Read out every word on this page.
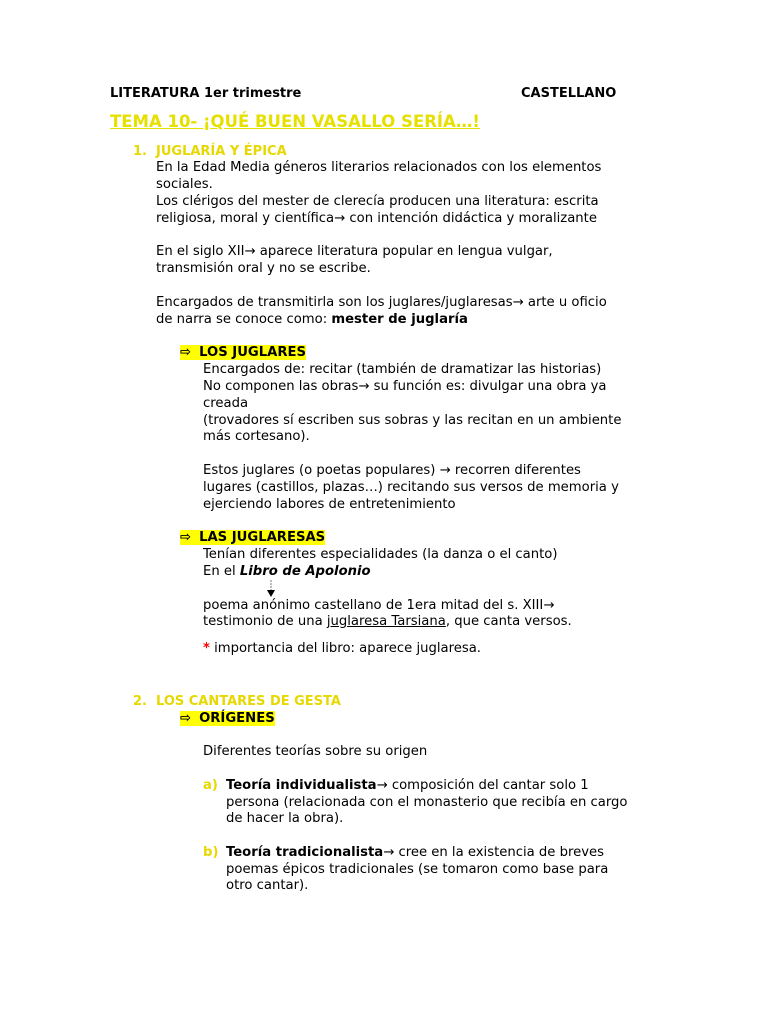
LITERATURA 1er trimestre	CASTELLANO
TEMA 10- ¡QUÉ BUEN VASALLO SERÍA…!
1. JUGLARÍA Y ÉPICA
En la Edad Media géneros literarios relacionados con los elementos
sociales.
Los clérigos del mester de clerecía producen una literatura: escrita
religiosa, moral y científica→ con intención didáctica y moralizante
En el siglo XII→ aparece literatura popular en lengua vulgar,
transmisión oral y no se escribe.
Encargados de transmitirla son los juglares/juglaresas→ arte u oficio
de narra se conoce como: mester de juglaría
⇨ LOS JUGLARES
Encargados de: recitar (también de dramatizar las historias)
No componen las obras→ su función es: divulgar una obra ya
creada
(trovadores sí escriben sus sobras y las recitan en un ambiente
más cortesano).
Estos juglares (o poetas populares) → recorren diferentes
lugares (castillos, plazas…) recitando sus versos de memoria y
ejerciendo labores de entretenimiento
⇨ LAS JUGLARESAS
Tenían diferentes especialidades (la danza o el canto)
En el Libro de Apolonio
poema anónimo castellano de 1era mitad del s. XIII→
testimonio de una juglaresa Tarsiana, que canta versos.
* importancia del libro: aparece juglaresa.
2. LOS CANTARES DE GESTA
⇨ ORÍGENES
Diferentes teorías sobre su origen
a) Teoría individualista→ composición del cantar solo 1
persona (relacionada con el monasterio que recibía en cargo
de hacer la obra).
b) Teoría tradicionalista→ cree en la existencia de breves
poemas épicos tradicionales (se tomaron como base para
otro cantar).
